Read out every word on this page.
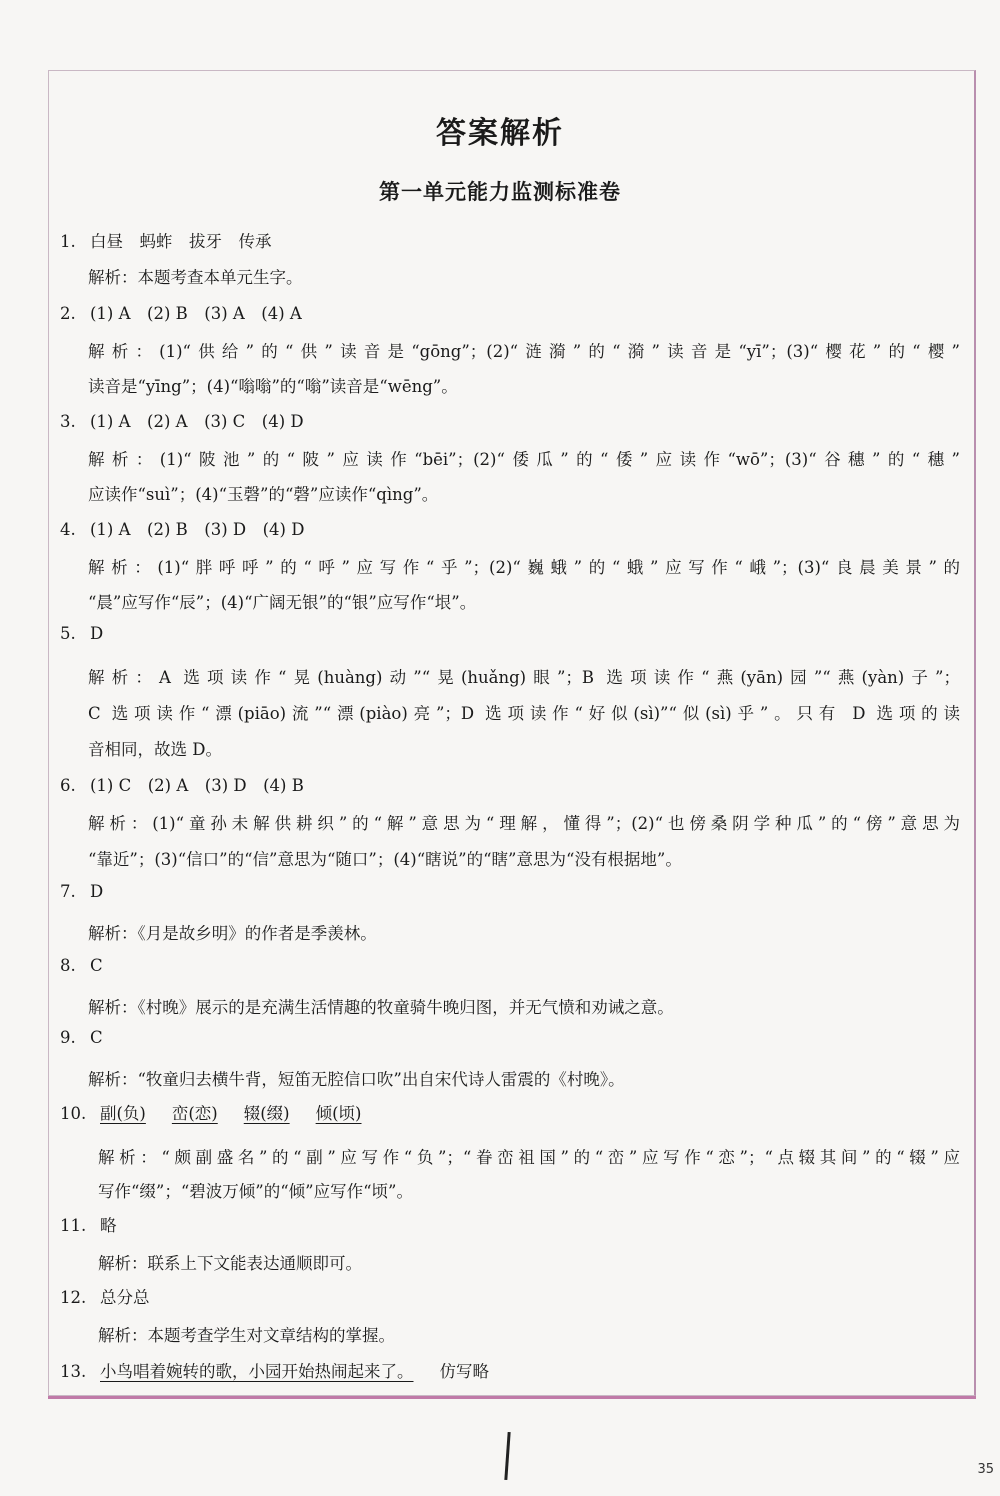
答案解析
第一单元能力监测标准卷
1. 白昼　蚂蚱　拔牙　传承
解析：本题考查本单元生字。
2. (1) A　(2) B　(3) A　(4) A
解析：(1)“供给”的“供”读音是“gōng”；(2)“涟漪”的“漪”读音是“yī”；(3)“樱花”的“樱”
读音是“yīng”；(4)“嗡嗡”的“嗡”读音是“wēng”。
3. (1) A　(2) A　(3) C　(4) D
解析：(1)“陂池”的“陂”应读作“bēi”；(2)“倭瓜”的“倭”应读作“wō”；(3)“谷穗”的“穗”
应读作“suì”；(4)“玉磬”的“磬”应读作“qìng”。
4. (1) A　(2) B　(3) D　(4) D
解析：(1)“胖呼呼”的“呼”应写作“乎”；(2)“巍蛾”的“蛾”应写作“峨”；(3)“良晨美景”的
“晨”应写作“辰”；(4)“广阔无银”的“银”应写作“垠”。
5. D
解析：A 选项读作“晃(huàng)动”“晃(huǎng)眼”；B 选项读作“燕(yān)园”“燕(yàn)子”；
C 选项读作“漂(piāo)流”“漂(piào)亮”；D 选项读作“好似(sì)”“似(sì)乎”。只有 D 选项的读
音相同，故选 D。
6. (1) C　(2) A　(3) D　(4) B
解析：(1)“童孙未解供耕织”的“解”意思为“理解，懂得”；(2)“也傍桑阴学种瓜”的“傍”意思为
“靠近”；(3)“信口”的“信”意思为“随口”；(4)“瞎说”的“瞎”意思为“没有根据地”。
7. D
解析：《月是故乡明》的作者是季羡林。
8. C
解析：《村晚》展示的是充满生活情趣的牧童骑牛晚归图，并无气愤和劝诫之意。
9. C
解析：“牧童归去横牛背，短笛无腔信口吹”出自宋代诗人雷震的《村晚》。
10. 副(负) 峦(恋) 辍(缀) 倾(顷)
解析：“颇副盛名”的“副”应写作“负”；“眷峦祖国”的“峦”应写作“恋”；“点辍其间”的“辍”应
写作“缀”；“碧波万倾”的“倾”应写作“顷”。
11. 略
解析：联系上下文能表达通顺即可。
12. 总分总
解析：本题考查学生对文章结构的掌握。
13. 小鸟唱着婉转的歌，小园开始热闹起来了。 仿写略
35
